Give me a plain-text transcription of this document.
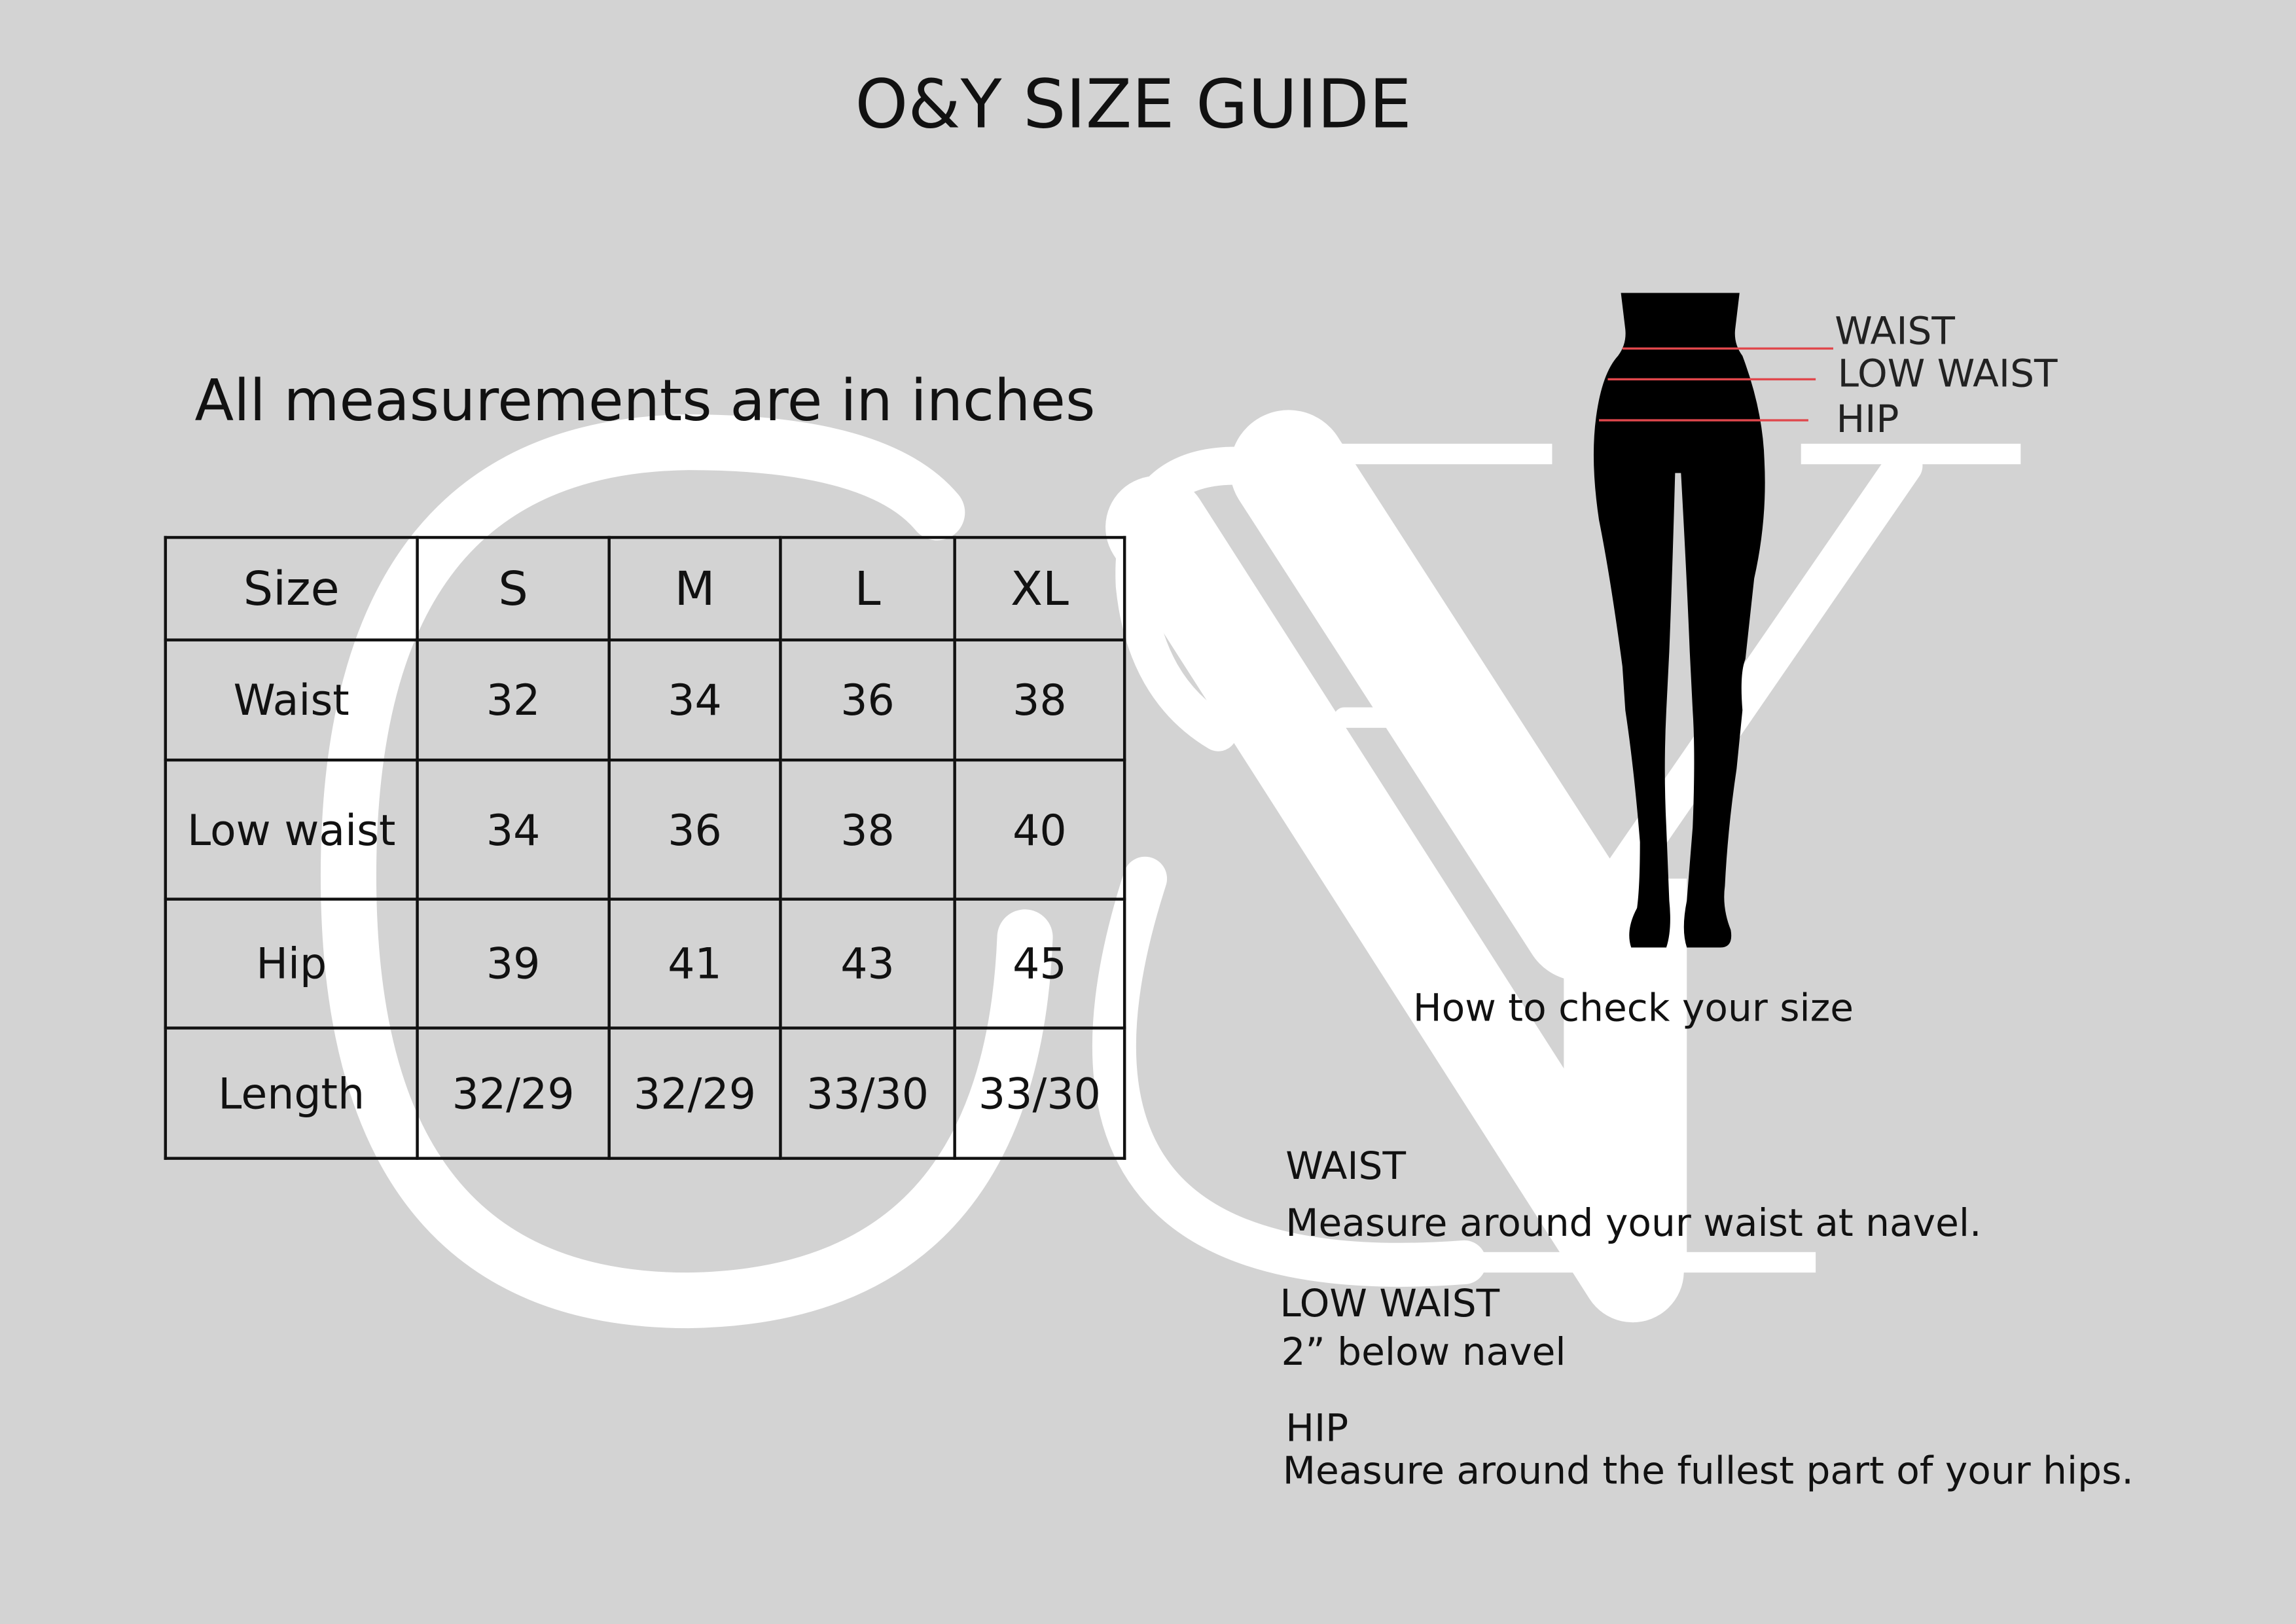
O&Y SIZE GUIDE
All measurements are in inches
Size	S	M	L	XL
Waist	32	34	36	38
Low waist	34	36	38	40
Hip	39	41	43	45
Length	32/29	32/29	33/30	33/30
WAIST
LOW WAIST
HIP
How to check your size
WAIST
Measure around your waist at navel.
LOW WAIST
2” below navel
HIP
Measure around the fullest part of your hips.
